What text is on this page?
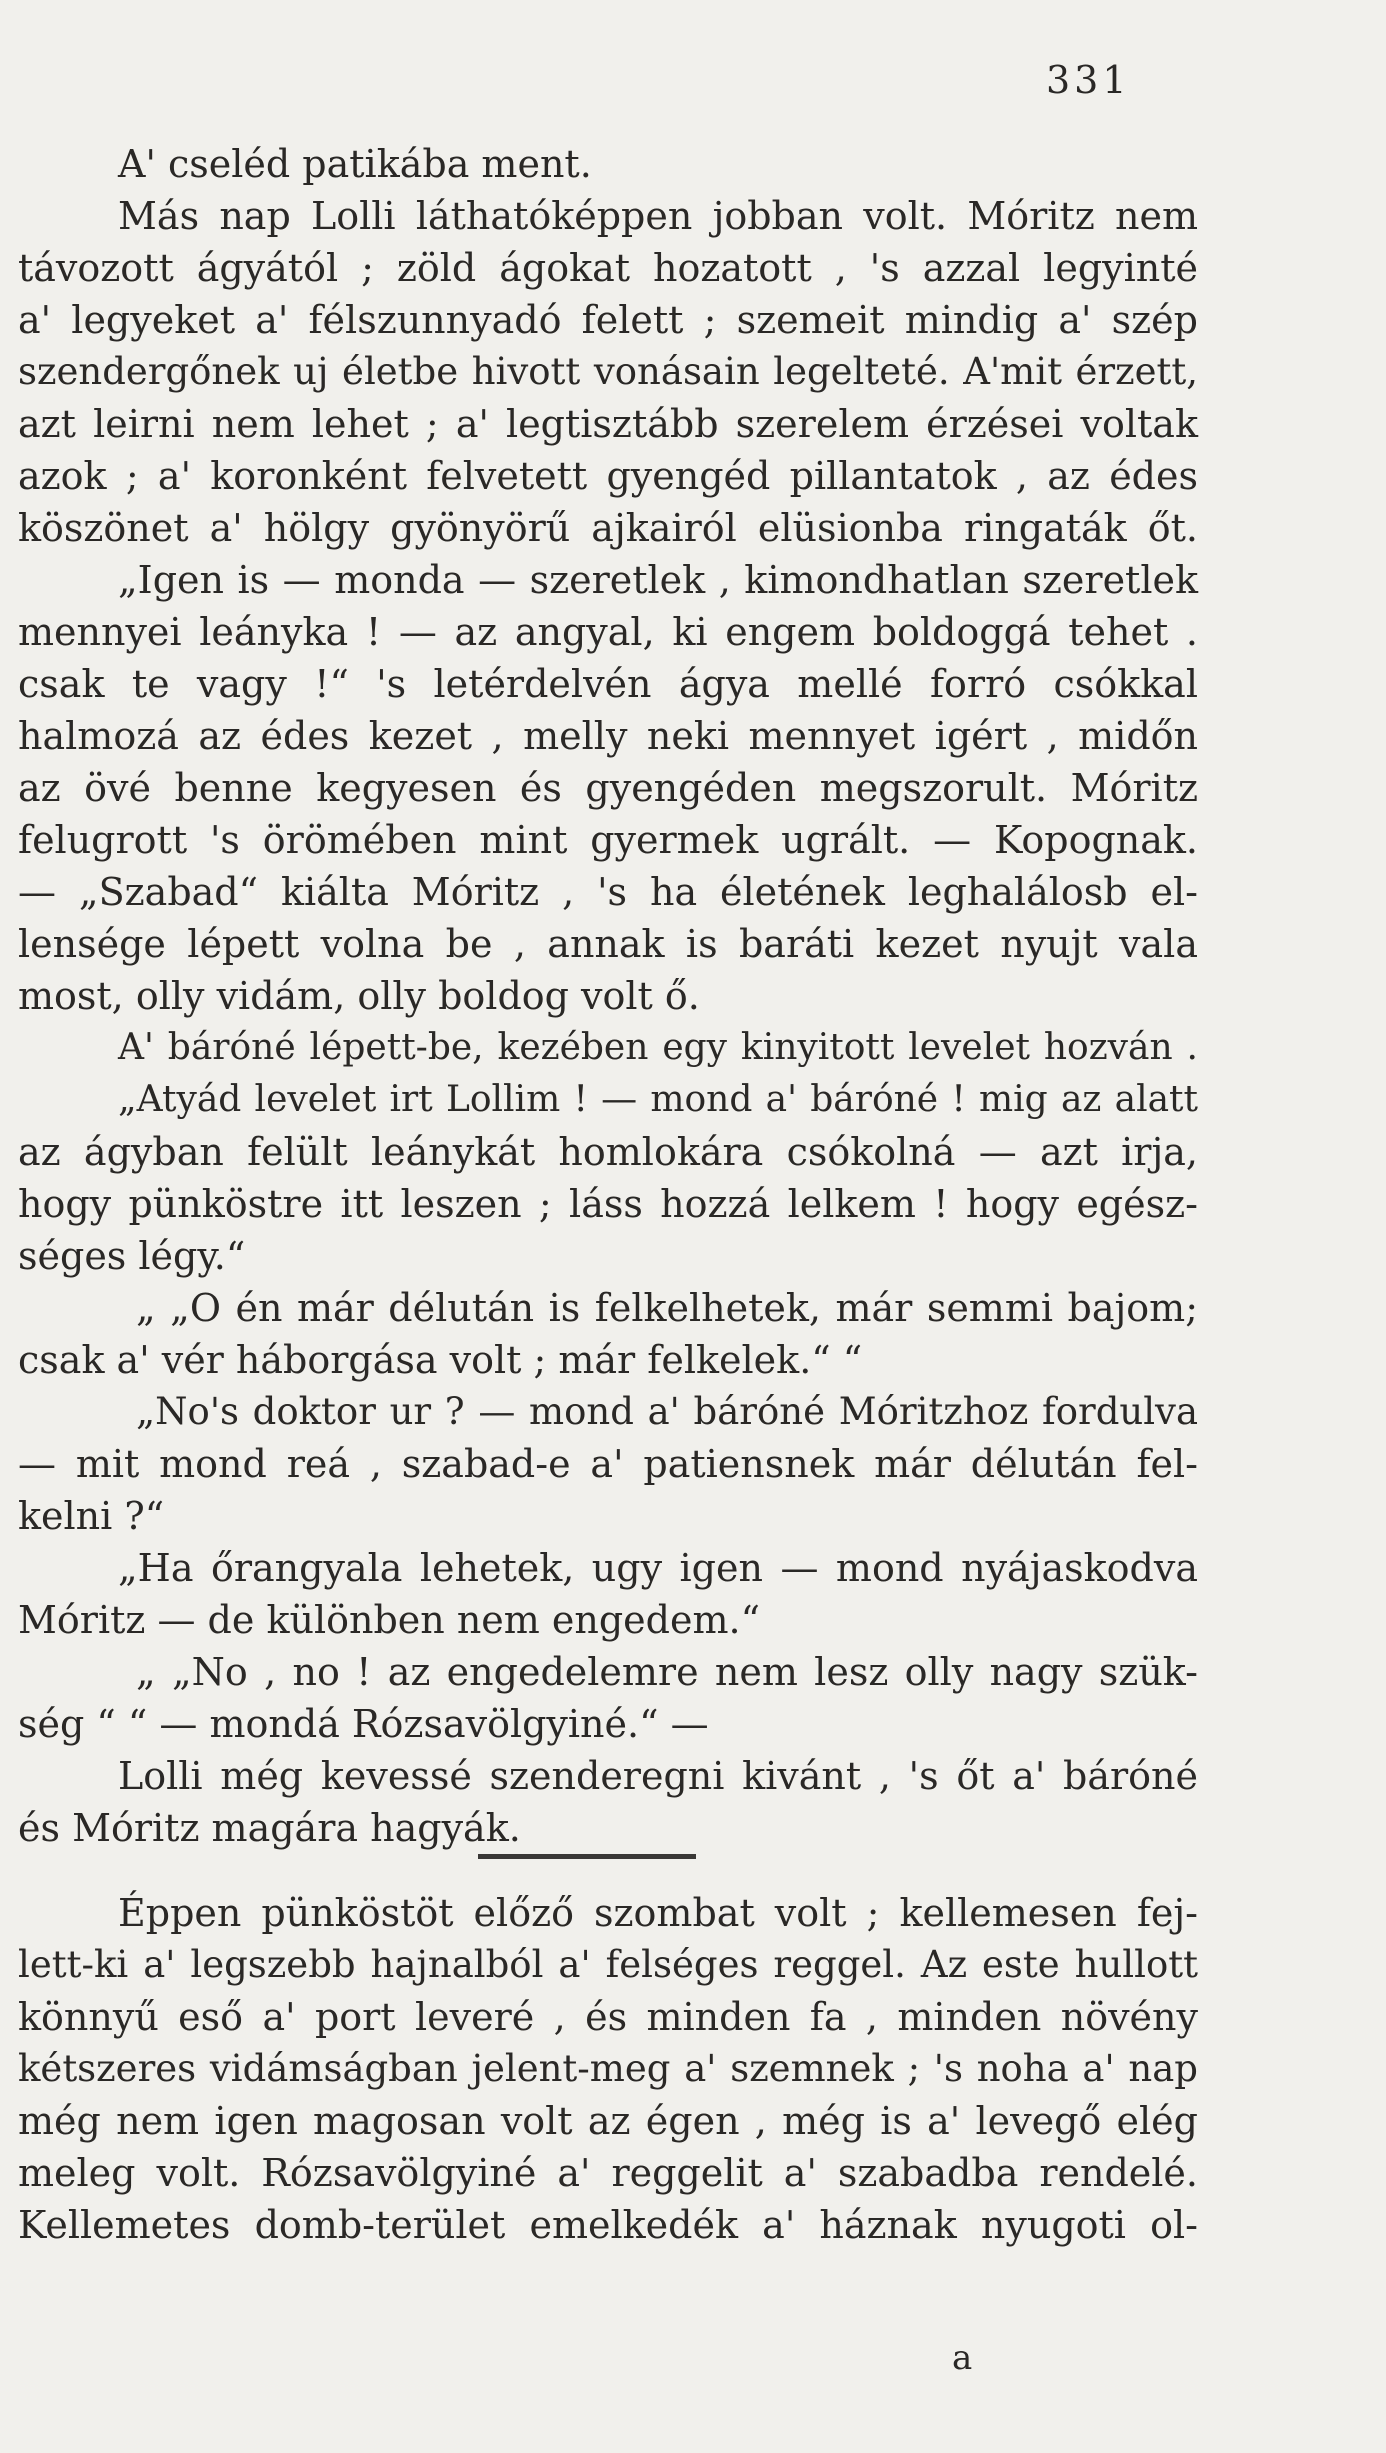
331
A' cseléd patikába ment.
Más nap Lolli láthatóképpen jobban volt. Móritz nem
távozott ágyától ; zöld ágokat hozatott , 's azzal legyinté
a' legyeket a' félszunnyadó felett ; szemeit mindig a' szép
szendergőnek uj életbe hivott vonásain legelteté. A'mit érzett,
azt leirni nem lehet ; a' legtisztább szerelem érzései voltak
azok ; a' koronként felvetett gyengéd pillantatok , az édes
köszönet a' hölgy gyönyörű ajkairól elüsionba ringaták őt.
„Igen is — monda — szeretlek , kimondhatlan szeretlek
mennyei leányka ! — az angyal, ki engem boldoggá tehet .
csak te vagy !“ 's letérdelvén ágya mellé forró csókkal
halmozá az édes kezet , melly neki mennyet igért , midőn
az övé benne kegyesen és gyengéden megszorult. Móritz
felugrott 's örömében mint gyermek ugrált. — Kopognak.
— „Szabad“ kiálta Móritz , 's ha életének leghalálosb el-
lensége lépett volna be , annak is baráti kezet nyujt vala
most, olly vidám, olly boldog volt ő.
A' báróné lépett-be, kezében egy kinyitott levelet hozván .
„Atyád levelet irt Lollim ! — mond a' báróné ! mig az alatt
az ágyban felült leánykát homlokára csókolná — azt irja,
hogy pünköstre itt leszen ; láss hozzá lelkem ! hogy egész-
séges légy.“
„ „O én már délután is felkelhetek, már semmi bajom;
csak a' vér háborgása volt ; már felkelek.“ “
„No's doktor ur ? — mond a' báróné Móritzhoz fordulva
— mit mond reá , szabad-e a' patiensnek már délután fel-
kelni ?“
„Ha őrangyala lehetek, ugy igen — mond nyájaskodva
Móritz — de különben nem engedem.“
„ „No , no ! az engedelemre nem lesz olly nagy szük-
ség “ “ — mondá Rózsavölgyiné.“ —
Lolli még kevessé szenderegni kivánt , 's őt a' báróné
és Móritz magára hagyák.
Éppen pünköstöt előző szombat volt ; kellemesen fej-
lett-ki a' legszebb hajnalból a' felséges reggel. Az este hullott
könnyű eső a' port leveré , és minden fa , minden növény
kétszeres vidámságban jelent-meg a' szemnek ; 's noha a' nap
még nem igen magosan volt az égen , még is a' levegő elég
meleg volt. Rózsavölgyiné a' reggelit a' szabadba rendelé.
Kellemetes domb-terület emelkedék a' háznak nyugoti ol-
a
